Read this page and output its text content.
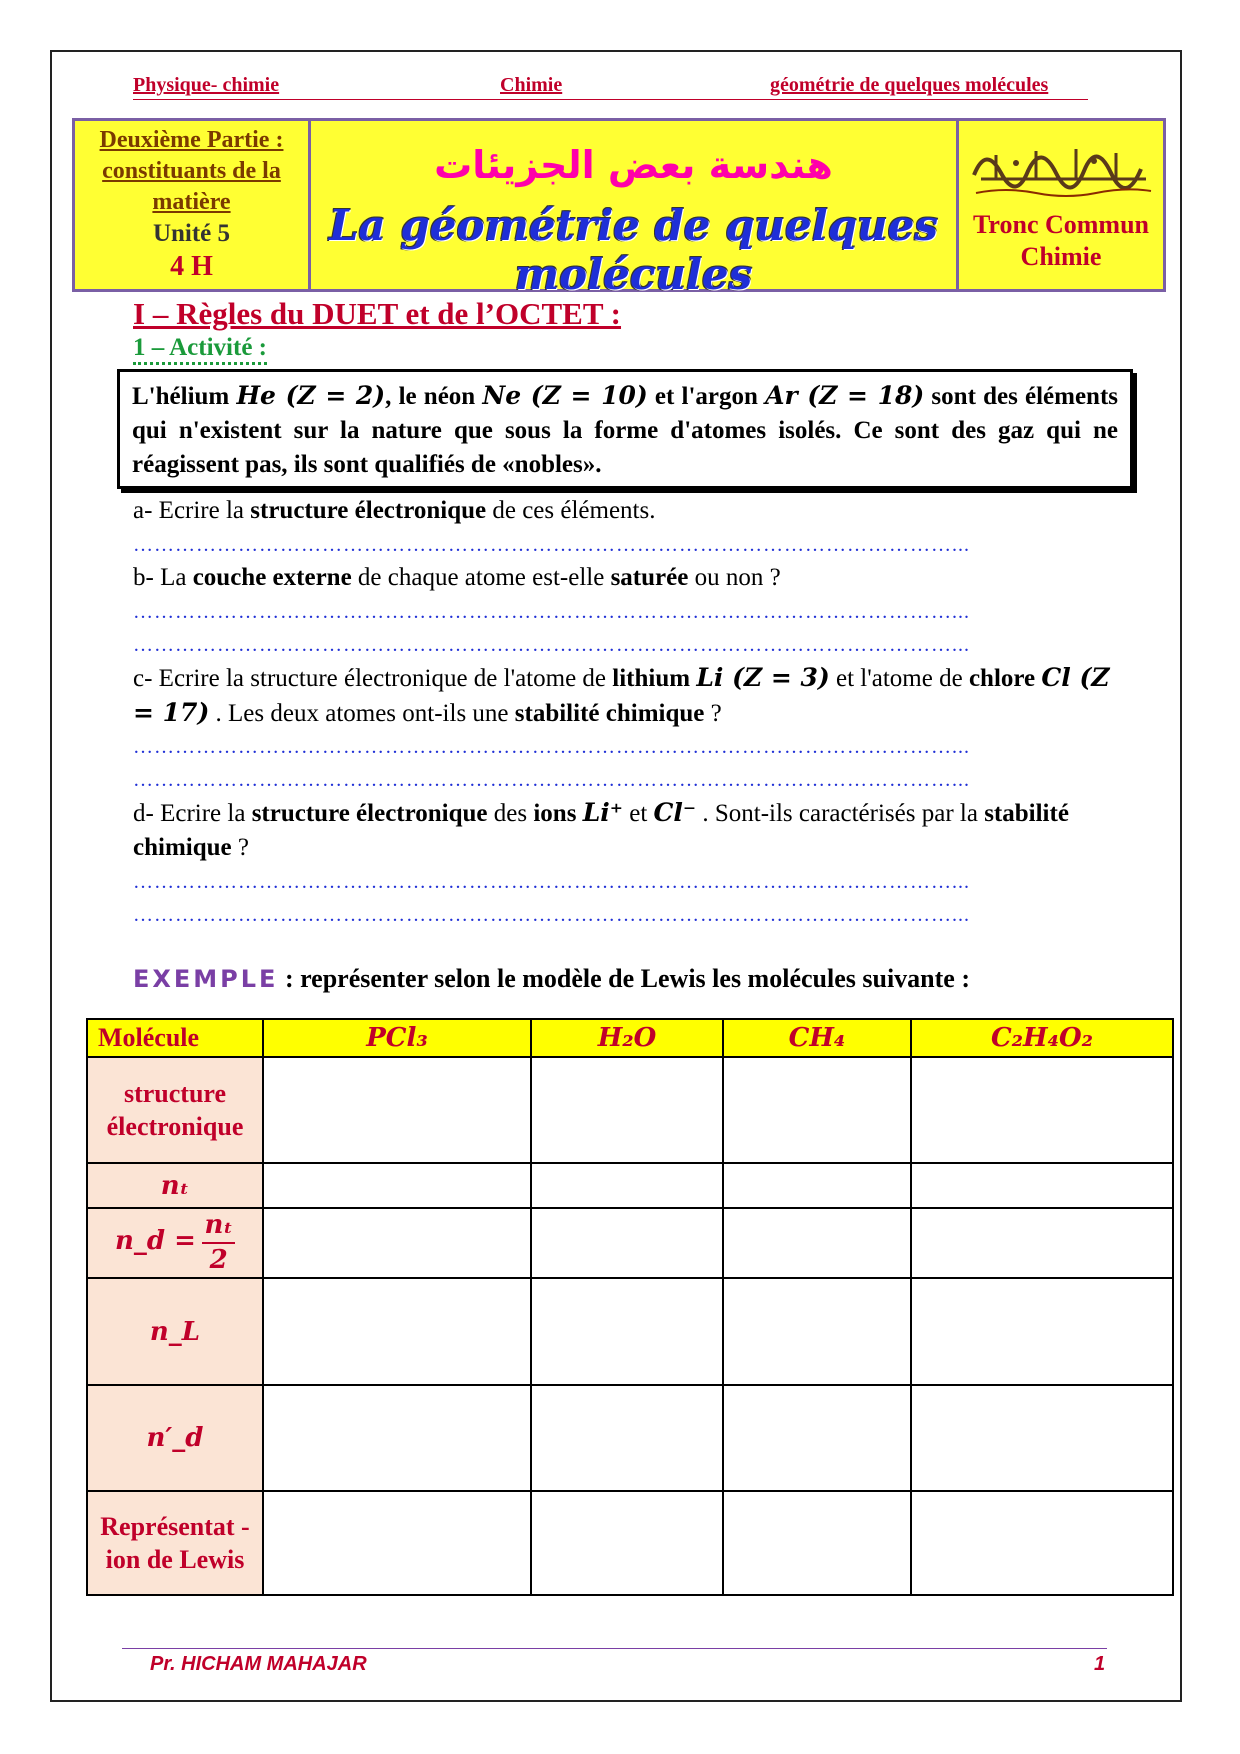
Physique- chimie	Chimie	géométrie de quelques molécules
Deuxième Partie :
constituants de la
matière
Unité 5
4 H
هندسة بعض الجزيئات
La géométrie de quelques molécules
Tronc Commun
Chimie
I – Règles du DUET et de l’OCTET :
1 – Activité :
L'hélium He (Z = 2), le néon Ne (Z = 10) et l'argon Ar (Z = 18) sont des éléments qui n'existent sur la nature que sous la forme d'atomes isolés. Ce sont des gaz qui ne réagissent pas, ils sont qualifiés de «nobles».
a- Ecrire la structure électronique de ces éléments.
………………………………………………………………………………………………………...
b- La couche externe de chaque atome est-elle saturée ou non ?
………………………………………………………………………………………………………...
………………………………………………………………………………………………………...
c- Ecrire la structure électronique de l'atome de lithium Li (Z = 3) et l'atome de chlore Cl (Z = 17) . Les deux atomes ont-ils une stabilité chimique ?
………………………………………………………………………………………………………...
………………………………………………………………………………………………………...
d- Ecrire la structure électronique des ions Li⁺ et Cl⁻ . Sont-ils caractérisés par la stabilité chimique ?
………………………………………………………………………………………………………...
………………………………………………………………………………………………………...
EXEMPLE : représenter selon le modèle de Lewis les molécules suivante :
Molécule	PCl₃	H₂O	CH₄	C₂H₄O₂
structure électronique				
nₜ				
n_d = $\frac{\text{nₜ}}{2}$

n_L				
n′_d				
Représentat -ion de Lewis				
Pr. HICHAM MAHAJAR	1
